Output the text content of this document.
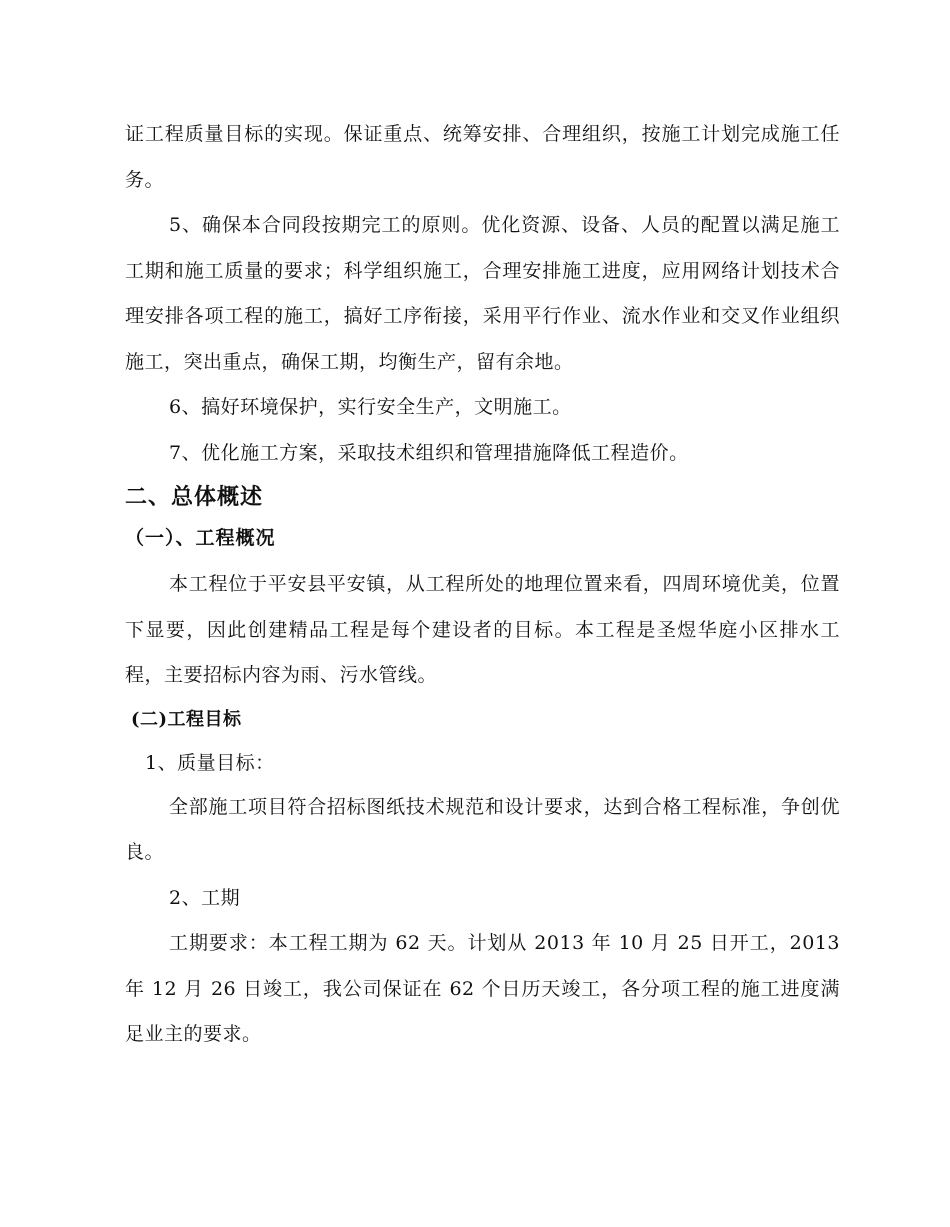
证工程质量目标的实现。保证重点、统筹安排、合理组织，按施工计划完成施工任务。

5、确保本合同段按期完工的原则。优化资源、设备、人员的配置以满足施工工期和施工质量的要求；科学组织施工，合理安排施工进度，应用网络计划技术合理安排各项工程的施工，搞好工序衔接，采用平行作业、流水作业和交叉作业组织施工，突出重点，确保工期，均衡生产，留有余地。

6、搞好环境保护，实行安全生产，文明施工。

7、优化施工方案，采取技术组织和管理措施降低工程造价。

二、总体概述
（一）、工程概况

本工程位于平安县平安镇，从工程所处的地理位置来看，四周环境优美，位置下显要，因此创建精品工程是每个建设者的目标。本工程是圣煜华庭小区排水工程，主要招标内容为雨、污水管线。

(二)工程目标

1、质量目标：

全部施工项目符合招标图纸技术规范和设计要求，达到合格工程标准，争创优良。

2、工期

工期要求：本工程工期为 62 天。计划从 2013 年 10 月 25 日开工，2013 年 12 月 26 日竣工，我公司保证在 62 个日历天竣工，各分项工程的施工进度满足业主的要求。
